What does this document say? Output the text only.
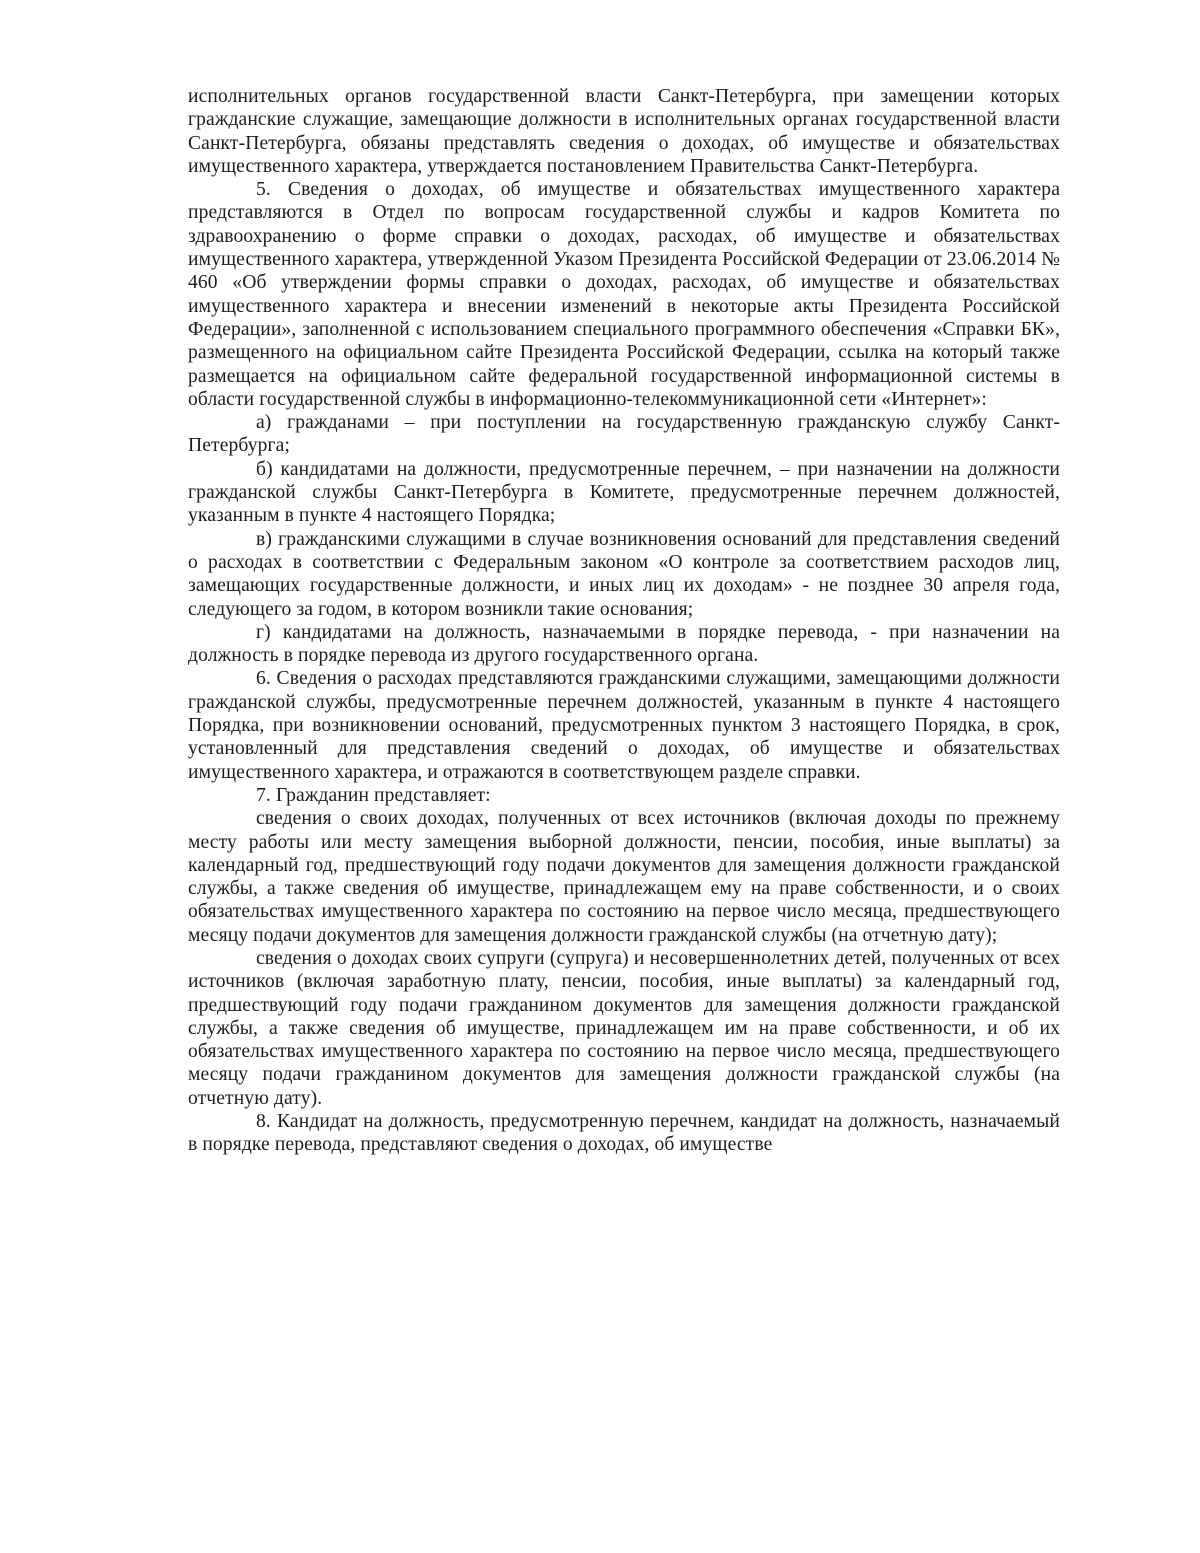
исполнительных органов государственной власти Санкт-Петербурга, при замещении которых гражданские служащие, замещающие должности в исполнительных органах государственной власти Санкт-Петербурга, обязаны представлять сведения о доходах, об имуществе и обязательствах имущественного характера, утверждается постановлением Правительства Санкт-Петербурга.

5. Сведения о доходах, об имуществе и обязательствах имущественного характера представляются в Отдел по вопросам государственной службы и кадров Комитета по здравоохранению о форме справки о доходах, расходах, об имуществе и обязательствах имущественного характера, утвержденной Указом Президента Российской Федерации от 23.06.2014 № 460 «Об утверждении формы справки о доходах, расходах, об имуществе и обязательствах имущественного характера и внесении изменений в некоторые акты Президента Российской Федерации», заполненной с использованием специального программного обеспечения «Справки БК», размещенного на официальном сайте Президента Российской Федерации, ссылка на который также размещается на официальном сайте федеральной государственной информационной системы в области государственной службы в информационно-телекоммуникационной сети «Интернет»:

а) гражданами – при поступлении на государственную гражданскую службу Санкт-Петербурга;

б) кандидатами на должности, предусмотренные перечнем, – при назначении на должности гражданской службы Санкт-Петербурга в Комитете, предусмотренные перечнем должностей, указанным в пункте 4 настоящего Порядка;

в) гражданскими служащими в случае возникновения оснований для представления сведений о расходах в соответствии с Федеральным законом «О контроле за соответствием расходов лиц, замещающих государственные должности, и иных лиц их доходам» - не позднее 30 апреля года, следующего за годом, в котором возникли такие основания;

г) кандидатами на должность, назначаемыми в порядке перевода, - при назначении на должность в порядке перевода из другого государственного органа.

6. Сведения о расходах представляются гражданскими служащими, замещающими должности гражданской службы, предусмотренные перечнем должностей, указанным в пункте 4 настоящего Порядка, при возникновении оснований, предусмотренных пунктом 3 настоящего Порядка, в срок, установленный для представления сведений о доходах, об имуществе и обязательствах имущественного характера, и отражаются в соответствующем разделе справки.

7. Гражданин представляет:

сведения о своих доходах, полученных от всех источников (включая доходы по прежнему месту работы или месту замещения выборной должности, пенсии, пособия, иные выплаты) за календарный год, предшествующий году подачи документов для замещения должности гражданской службы, а также сведения об имуществе, принадлежащем ему на праве собственности, и о своих обязательствах имущественного характера по состоянию на первое число месяца, предшествующего месяцу подачи документов для замещения должности гражданской службы (на отчетную дату);

сведения о доходах своих супруги (супруга) и несовершеннолетних детей, полученных от всех источников (включая заработную плату, пенсии, пособия, иные выплаты) за календарный год, предшествующий году подачи гражданином документов для замещения должности гражданской службы, а также сведения об имуществе, принадлежащем им на праве собственности, и об их обязательствах имущественного характера по состоянию на первое число месяца, предшествующего месяцу подачи гражданином документов для замещения должности гражданской службы (на отчетную дату).

8. Кандидат на должность, предусмотренную перечнем, кандидат на должность, назначаемый в порядке перевода, представляют сведения о доходах, об имуществе
